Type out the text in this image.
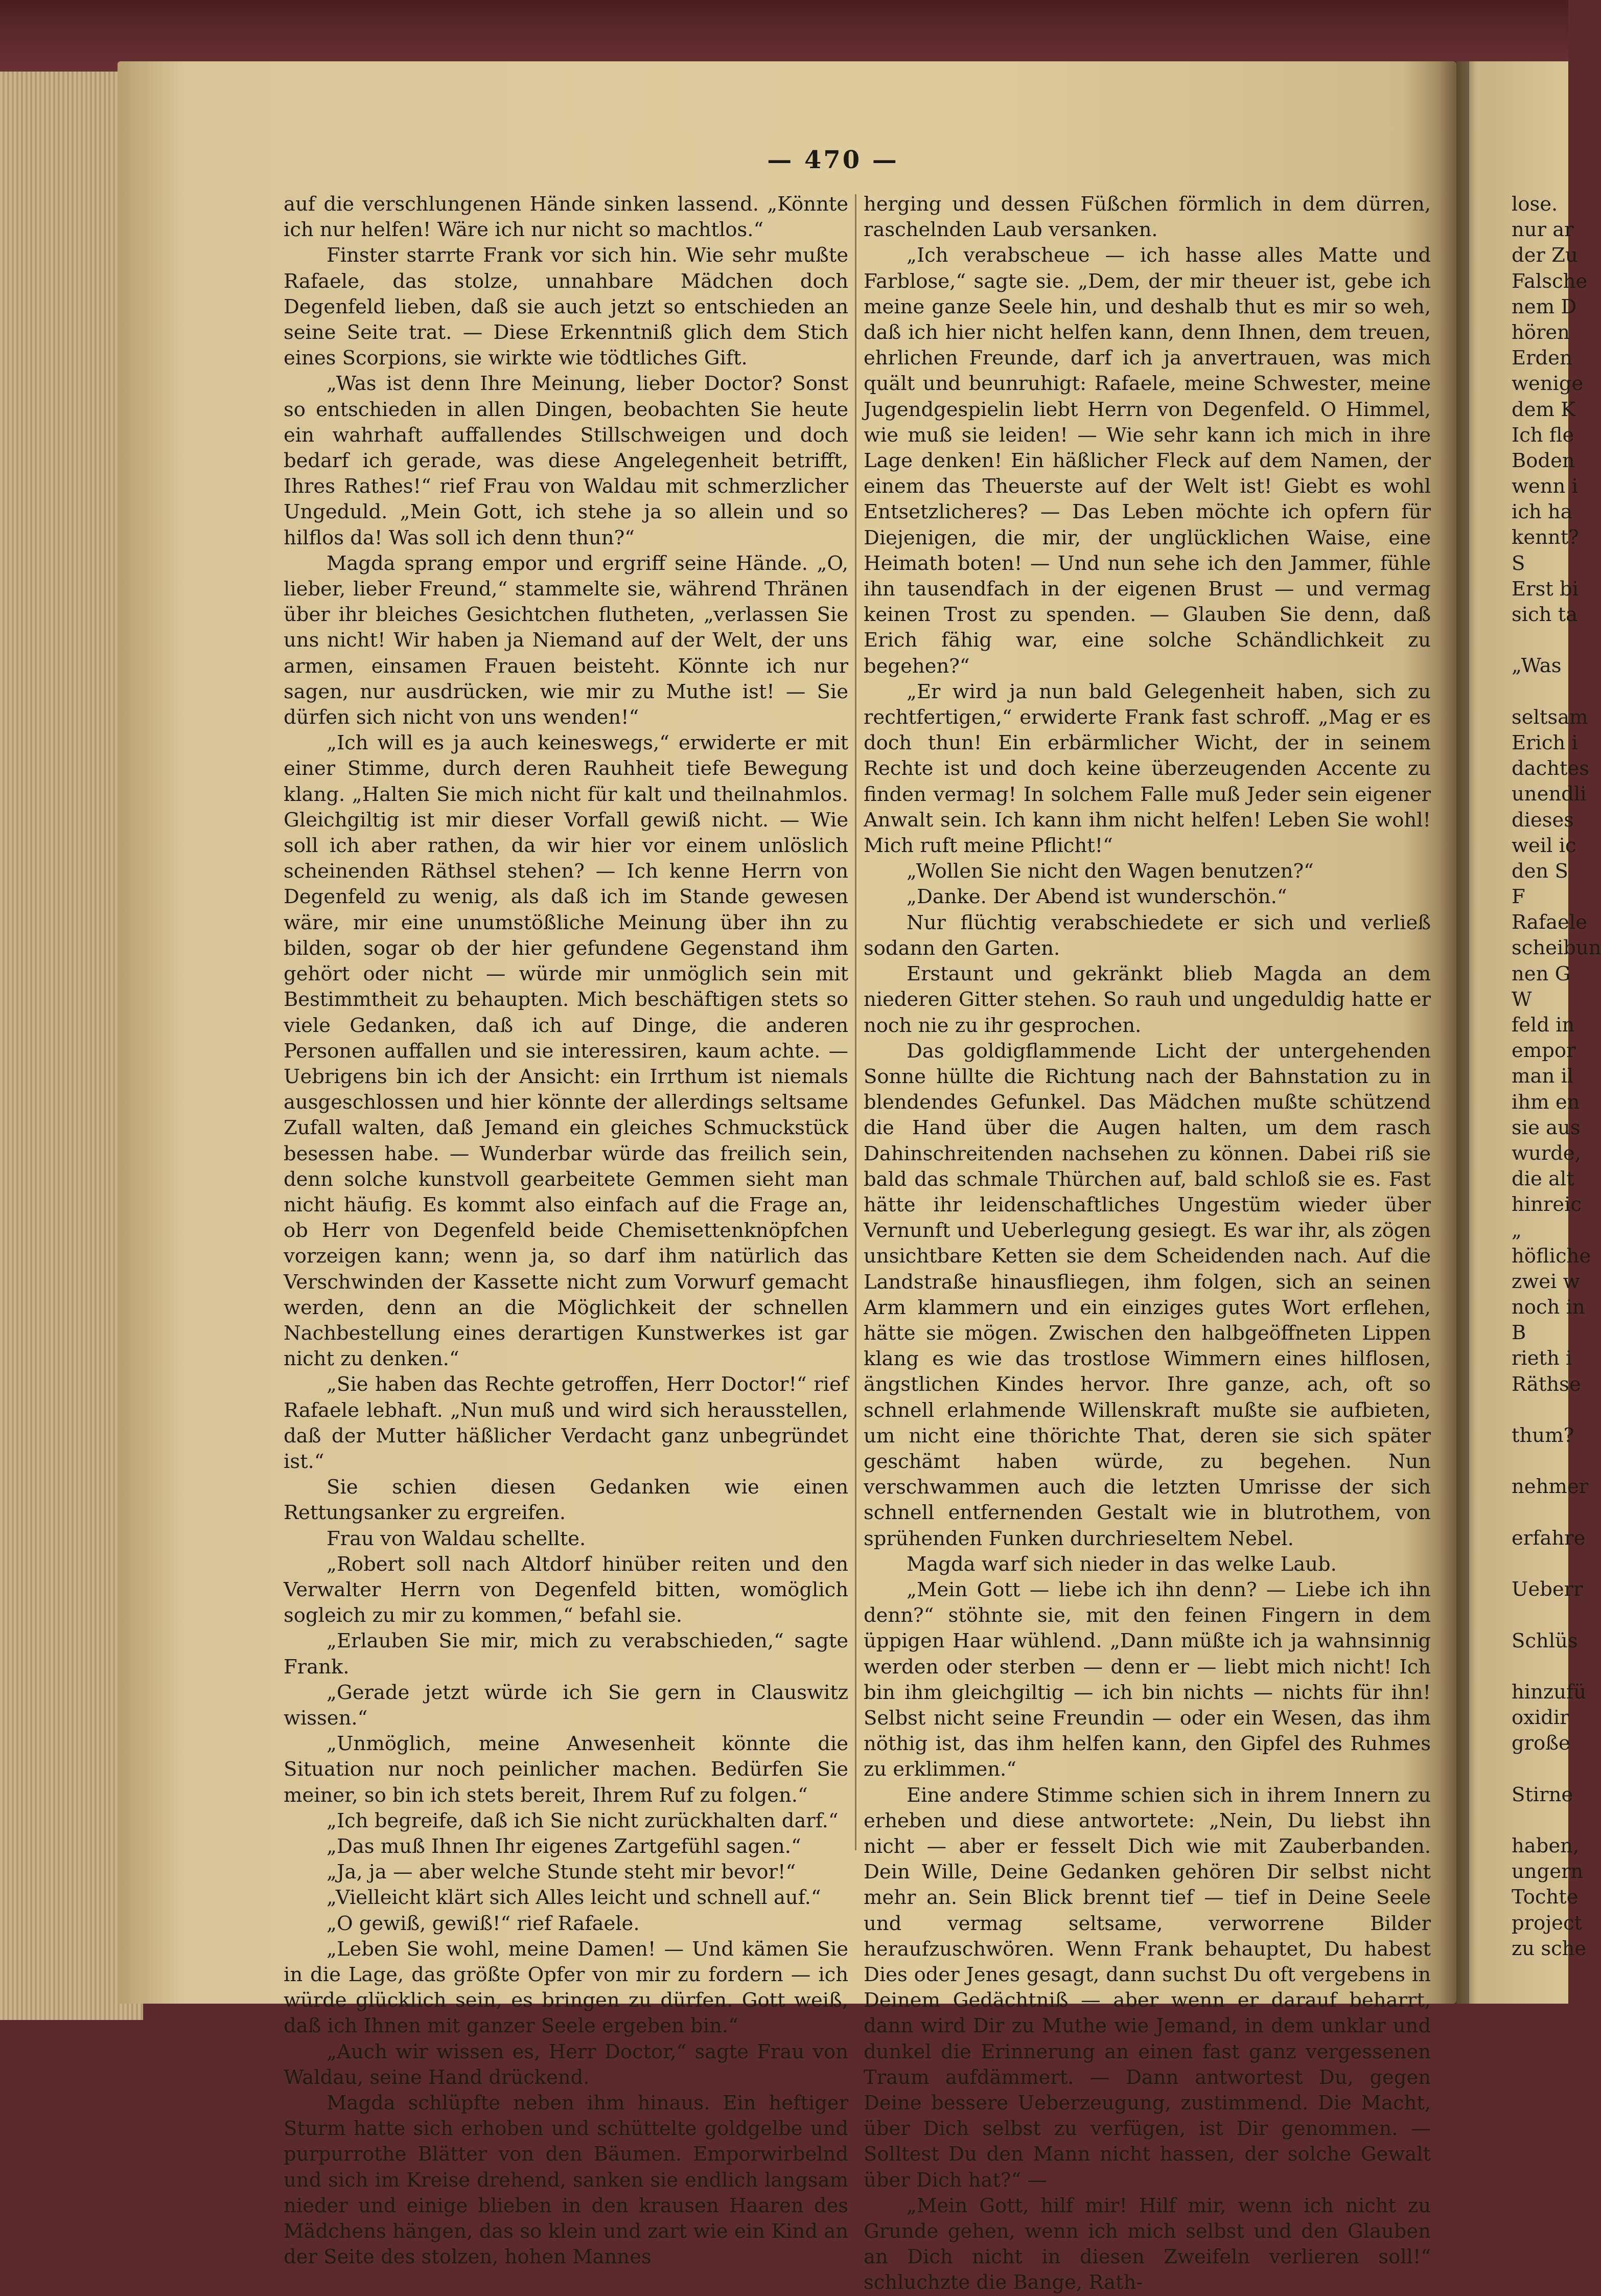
— 470 —

auf die verschlungenen Hände sinken lassend. „Könnte ich nur helfen! Wäre ich nur nicht so machtlos.“

Finster starrte Frank vor sich hin. Wie sehr mußte Rafaele, das stolze, unnahbare Mädchen doch Degenfeld lieben, daß sie auch jetzt so entschieden an seine Seite trat. — Diese Erkenntniß glich dem Stich eines Scorpions, sie wirkte wie tödtliches Gift.

„Was ist denn Ihre Meinung, lieber Doctor? Sonst so entschieden in allen Dingen, beobachten Sie heute ein wahrhaft auffallendes Stillschweigen und doch bedarf ich gerade, was diese Angelegenheit betrifft, Ihres Rathes!“ rief Frau von Waldau mit schmerzlicher Ungeduld. „Mein Gott, ich stehe ja so allein und so hilflos da! Was soll ich denn thun?“

Magda sprang empor und ergriff seine Hände. „O, lieber, lieber Freund,“ stammelte sie, während Thränen über ihr bleiches Gesichtchen flutheten, „verlassen Sie uns nicht! Wir haben ja Niemand auf der Welt, der uns armen, einsamen Frauen beisteht. Könnte ich nur sagen, nur ausdrücken, wie mir zu Muthe ist! — Sie dürfen sich nicht von uns wenden!“

„Ich will es ja auch keineswegs,“ erwiderte er mit einer Stimme, durch deren Rauhheit tiefe Bewegung klang. „Halten Sie mich nicht für kalt und theilnahmlos. Gleichgiltig ist mir dieser Vorfall gewiß nicht. — Wie soll ich aber rathen, da wir hier vor einem unlöslich scheinenden Räthsel stehen? — Ich kenne Herrn von Degenfeld zu wenig, als daß ich im Stande gewesen wäre, mir eine unumstößliche Meinung über ihn zu bilden, sogar ob der hier gefundene Gegenstand ihm gehört oder nicht — würde mir unmöglich sein mit Bestimmtheit zu behaupten. Mich beschäftigen stets so viele Gedanken, daß ich auf Dinge, die anderen Personen auffallen und sie interessiren, kaum achte. — Uebrigens bin ich der Ansicht: ein Irrthum ist niemals ausgeschlossen und hier könnte der allerdings seltsame Zufall walten, daß Jemand ein gleiches Schmuckstück besessen habe. — Wunderbar würde das freilich sein, denn solche kunstvoll gearbeitete Gemmen sieht man nicht häufig. Es kommt also einfach auf die Frage an, ob Herr von Degenfeld beide Chemisettenknöpfchen vorzeigen kann; wenn ja, so darf ihm natürlich das Verschwinden der Kassette nicht zum Vorwurf gemacht werden, denn an die Möglichkeit der schnellen Nachbestellung eines derartigen Kunstwerkes ist gar nicht zu denken.“

„Sie haben das Rechte getroffen, Herr Doctor!“ rief Rafaele lebhaft. „Nun muß und wird sich herausstellen, daß der Mutter häßlicher Verdacht ganz unbegründet ist.“

Sie schien diesen Gedanken wie einen Rettungsanker zu ergreifen.

Frau von Waldau schellte.

„Robert soll nach Altdorf hinüber reiten und den Verwalter Herrn von Degenfeld bitten, womöglich sogleich zu mir zu kommen,“ befahl sie.

„Erlauben Sie mir, mich zu verabschieden,“ sagte Frank.

„Gerade jetzt würde ich Sie gern in Clauswitz wissen.“

„Unmöglich, meine Anwesenheit könnte die Situation nur noch peinlicher machen. Bedürfen Sie meiner, so bin ich stets bereit, Ihrem Ruf zu folgen.“

„Ich begreife, daß ich Sie nicht zurückhalten darf.“

„Das muß Ihnen Ihr eigenes Zartgefühl sagen.“

„Ja, ja — aber welche Stunde steht mir bevor!“

„Vielleicht klärt sich Alles leicht und schnell auf.“

„O gewiß, gewiß!“ rief Rafaele.

„Leben Sie wohl, meine Damen! — Und kämen Sie in die Lage, das größte Opfer von mir zu fordern — ich würde glücklich sein, es bringen zu dürfen. Gott weiß, daß ich Ihnen mit ganzer Seele ergeben bin.“

„Auch wir wissen es, Herr Doctor,“ sagte Frau von Waldau, seine Hand drückend.

Magda schlüpfte neben ihm hinaus. Ein heftiger Sturm hatte sich erhoben und schüttelte goldgelbe und purpurrothe Blätter von den Bäumen. Emporwirbelnd und sich im Kreise drehend, sanken sie endlich langsam nieder und einige blieben in den krausen Haaren des Mädchens hängen, das so klein und zart wie ein Kind an der Seite des stolzen, hohen Mannes

herging und dessen Füßchen förmlich in dem dürren, raschelnden Laub versanken.

„Ich verabscheue — ich hasse alles Matte und Farblose,“ sagte sie. „Dem, der mir theuer ist, gebe ich meine ganze Seele hin, und deshalb thut es mir so weh, daß ich hier nicht helfen kann, denn Ihnen, dem treuen, ehrlichen Freunde, darf ich ja anvertrauen, was mich quält und beunruhigt: Rafaele, meine Schwester, meine Jugendgespielin liebt Herrn von Degenfeld. O Himmel, wie muß sie leiden! — Wie sehr kann ich mich in ihre Lage denken! Ein häßlicher Fleck auf dem Namen, der einem das Theuerste auf der Welt ist! Giebt es wohl Entsetzlicheres? — Das Leben möchte ich opfern für Diejenigen, die mir, der unglücklichen Waise, eine Heimath boten! — Und nun sehe ich den Jammer, fühle ihn tausendfach in der eigenen Brust — und vermag keinen Trost zu spenden. — Glauben Sie denn, daß Erich fähig war, eine solche Schändlichkeit zu begehen?“

„Er wird ja nun bald Gelegenheit haben, sich zu rechtfertigen,“ erwiderte Frank fast schroff. „Mag er es doch thun! Ein erbärmlicher Wicht, der in seinem Rechte ist und doch keine überzeugenden Accente zu finden vermag! In solchem Falle muß Jeder sein eigener Anwalt sein. Ich kann ihm nicht helfen! Leben Sie wohl! Mich ruft meine Pflicht!“

„Wollen Sie nicht den Wagen benutzen?“

„Danke. Der Abend ist wunderschön.“

Nur flüchtig verabschiedete er sich und verließ sodann den Garten.

Erstaunt und gekränkt blieb Magda an dem niederen Gitter stehen. So rauh und ungeduldig hatte er noch nie zu ihr gesprochen.

Das goldigflammende Licht der untergehenden Sonne hüllte die Richtung nach der Bahnstation zu in blendendes Gefunkel. Das Mädchen mußte schützend die Hand über die Augen halten, um dem rasch Dahinschreitenden nachsehen zu können. Dabei riß sie bald das schmale Thürchen auf, bald schloß sie es. Fast hätte ihr leidenschaftliches Ungestüm wieder über Vernunft und Ueberlegung gesiegt. Es war ihr, als zögen unsichtbare Ketten sie dem Scheidenden nach. Auf die Landstraße hinausfliegen, ihm folgen, sich an seinen Arm klammern und ein einziges gutes Wort erflehen, hätte sie mögen. Zwischen den halbgeöffneten Lippen klang es wie das trostlose Wimmern eines hilflosen, ängstlichen Kindes hervor. Ihre ganze, ach, oft so schnell erlahmende Willenskraft mußte sie aufbieten, um nicht eine thörichte That, deren sie sich später geschämt haben würde, zu begehen. Nun verschwammen auch die letzten Umrisse der sich schnell entfernenden Gestalt wie in blutrothem, von sprühenden Funken durchrieseltem Nebel.

Magda warf sich nieder in das welke Laub.

„Mein Gott — liebe ich ihn denn? — Liebe ich ihn denn?“ stöhnte sie, mit den feinen Fingern in dem üppigen Haar wühlend. „Dann müßte ich ja wahnsinnig werden oder sterben — denn er — liebt mich nicht! Ich bin ihm gleichgiltig — ich bin nichts — nichts für ihn! Selbst nicht seine Freundin — oder ein Wesen, das ihm nöthig ist, das ihm helfen kann, den Gipfel des Ruhmes zu erklimmen.“

Eine andere Stimme schien sich in ihrem Innern zu erheben und diese antwortete: „Nein, Du liebst ihn nicht — aber er fesselt Dich wie mit Zauberbanden. Dein Wille, Deine Gedanken gehören Dir selbst nicht mehr an. Sein Blick brennt tief — tief in Deine Seele und vermag seltsame, verworrene Bilder heraufzuschwören. Wenn Frank behauptet, Du habest Dies oder Jenes gesagt, dann suchst Du oft vergebens in Deinem Gedächtniß — aber wenn er darauf beharrt, dann wird Dir zu Muthe wie Jemand, in dem unklar und dunkel die Erinnerung an einen fast ganz vergessenen Traum aufdämmert. — Dann antwortest Du, gegen Deine bessere Ueberzeugung, zustimmend. Die Macht, über Dich selbst zu verfügen, ist Dir genommen. — Solltest Du den Mann nicht hassen, der solche Gewalt über Dich hat?“ —

„Mein Gott, hilf mir! Hilf mir, wenn ich nicht zu Grunde gehen, wenn ich mich selbst und den Glauben an Dich nicht in diesen Zweifeln verlieren soll!“ schluchzte die Bange, Rath-

lose.
nur ar
der Zu
Falsche
nem D
hören
Erden
wenige
dem K
Ich fle
Boden
wenn i
ich ha
kennt?
S
Erst bi
sich ta
„Was
seltsam
Erich i
dachtes
unendli
dieses
weil ic
den S
F
Rafaele
scheibun
nen G
W
feld in
empor
man il
ihm en
sie aus
wurde,
die alt
hinreic
„
höfliche
zwei w
noch in
B
rieth i
Räthse
thum?
nehmer
erfahre
Ueberr
Schlüs
hinzufü
oxidir
große
Stirne
haben,
ungern
Tochte
project
zu sche
